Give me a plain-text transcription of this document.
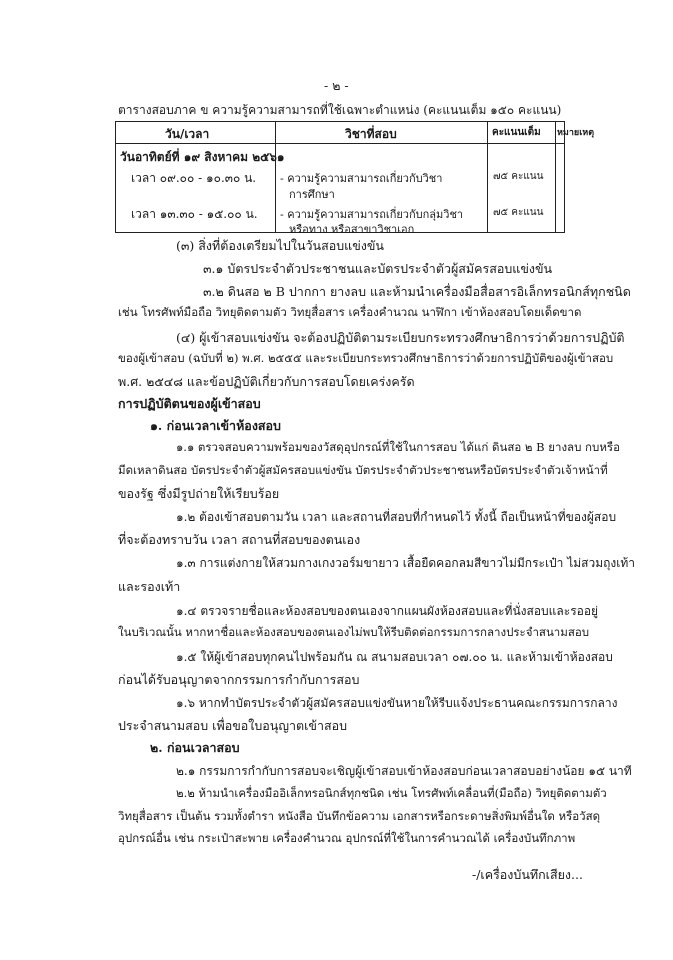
- ๒ -
ตารางสอบภาค ข ความรู้ความสามารถที่ใช้เฉพาะตำแหน่ง (คะแนนเต็ม ๑๕๐ คะแนน)
วัน/เวลา	วิชาที่สอบ	คะแนนเต็ม หมายเหตุ
วันอาทิตย์ที่ ๑๙ สิงหาคม ๒๕๖๑
เวลา ๐๙.๐๐ - ๑๐.๓๐ น. - ความรู้ความสามารถเกี่ยวกับวิชา
การศึกษา
๗๕ คะแนน
เวลา ๑๓.๓๐ - ๑๕.๐๐ น. - ความรู้ความสามารถเกี่ยวกับกลุ่มวิชา
หรือทาง หรือสาขาวิชาเอก
๗๕ คะแนน
(๓) สิ่งที่ต้องเตรียมไปในวันสอบแข่งขัน
๓.๑ บัตรประจำตัวประชาชนและบัตรประจำตัวผู้สมัครสอบแข่งขัน
๓.๒ ดินสอ ๒ B ปากกา ยางลบ และห้ามนำเครื่องมือสื่อสารอิเล็กทรอนิกส์ทุกชนิด
เช่น โทรศัพท์มือถือ วิทยุติดตามตัว วิทยุสื่อสาร เครื่องคำนวณ นาฬิกา เข้าห้องสอบโดยเด็ดขาด
(๔) ผู้เข้าสอบแข่งขัน จะต้องปฏิบัติตามระเบียบกระทรวงศึกษาธิการว่าด้วยการปฏิบัติ
ของผู้เข้าสอบ (ฉบับที่ ๒) พ.ศ. ๒๕๕๕ และระเบียบกระทรวงศึกษาธิการว่าด้วยการปฏิบัติของผู้เข้าสอบ
พ.ศ. ๒๕๔๘ และข้อปฏิบัติเกี่ยวกับการสอบโดยเคร่งครัด
การปฏิบัติตนของผู้เข้าสอบ
๑. ก่อนเวลาเข้าห้องสอบ
๑.๑ ตรวจสอบความพร้อมของวัสดุอุปกรณ์ที่ใช้ในการสอบ ได้แก่ ดินสอ ๒ B ยางลบ กบหรือ
มีดเหลาดินสอ บัตรประจำตัวผู้สมัครสอบแข่งขัน บัตรประจำตัวประชาชนหรือบัตรประจำตัวเจ้าหน้าที่
ของรัฐ ซึ่งมีรูปถ่ายให้เรียบร้อย
๑.๒ ต้องเข้าสอบตามวัน เวลา และสถานที่สอบที่กำหนดไว้ ทั้งนี้ ถือเป็นหน้าที่ของผู้สอบ
ที่จะต้องทราบวัน เวลา สถานที่สอบของตนเอง
๑.๓ การแต่งกายให้สวมกางเกงวอร์มขายาว เสื้อยืดคอกลมสีขาวไม่มีกระเป๋า ไม่สวมถุงเท้า
และรองเท้า
๑.๔ ตรวจรายชื่อและห้องสอบของตนเองจากแผนผังห้องสอบและที่นั่งสอบและรออยู่
ในบริเวณนั้น หากหาชื่อและห้องสอบของตนเองไม่พบให้รีบติดต่อกรรมการกลางประจำสนามสอบ
๑.๕ ให้ผู้เข้าสอบทุกคนไปพร้อมกัน ณ สนามสอบเวลา ๐๗.๐๐ น. และห้ามเข้าห้องสอบ
ก่อนได้รับอนุญาตจากกรรมการกำกับการสอบ
๑.๖ หากทำบัตรประจำตัวผู้สมัครสอบแข่งขันหายให้รีบแจ้งประธานคณะกรรมการกลาง
ประจำสนามสอบ เพื่อขอใบอนุญาตเข้าสอบ
๒. ก่อนเวลาสอบ
๒.๑ กรรมการกำกับการสอบจะเชิญผู้เข้าสอบเข้าห้องสอบก่อนเวลาสอบอย่างน้อย ๑๕ นาที
๒.๒ ห้ามนำเครื่องมืออิเล็กทรอนิกส์ทุกชนิด เช่น โทรศัพท์เคลื่อนที่(มือถือ) วิทยุติดตามตัว
วิทยุสื่อสาร เป็นต้น รวมทั้งตำรา หนังสือ บันทึกข้อความ เอกสารหรือกระดาษสิ่งพิมพ์อื่นใด หรือวัสดุ
อุปกรณ์อื่น เช่น กระเป๋าสะพาย เครื่องคำนวณ อุปกรณ์ที่ใช้ในการคำนวณได้ เครื่องบันทึกภาพ
-/เครื่องบันทึกเสียง...
